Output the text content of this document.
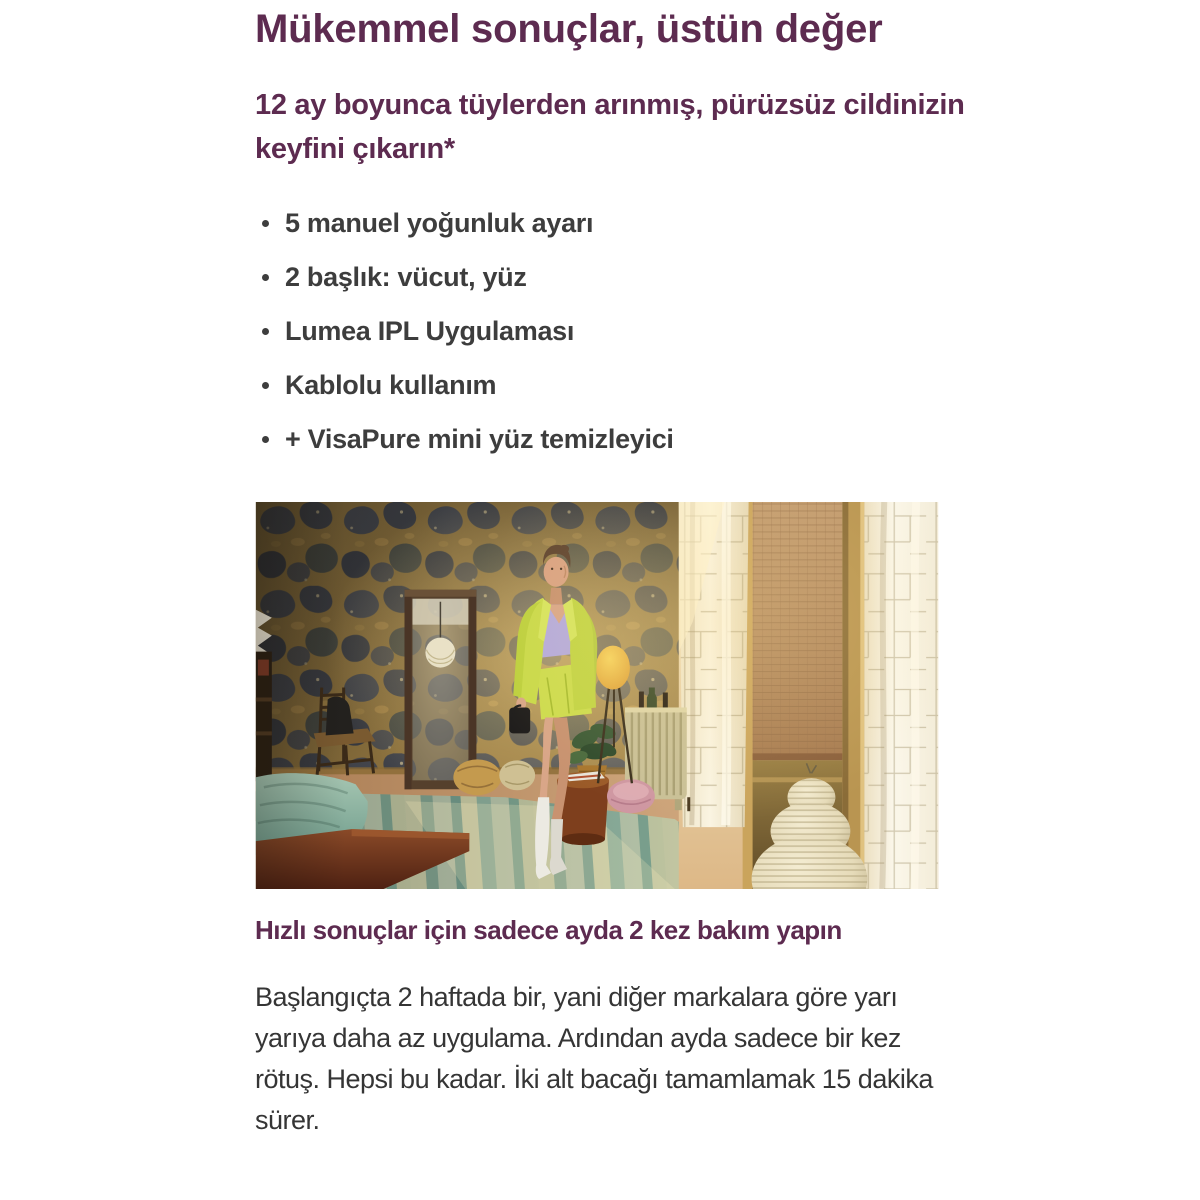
Mükemmel sonuçlar, üstün değer
12 ay boyunca tüylerden arınmış, pürüzsüz cildinizin keyfini çıkarın*
5 manuel yoğunluk ayarı
2 başlık: vücut, yüz
Lumea IPL Uygulaması
Kablolu kullanım
+ VisaPure mini yüz temizleyici
Hızlı sonuçlar için sadece ayda 2 kez bakım yapın

Başlangıçta 2 haftada bir, yani diğer markalara göre yarı yarıya daha az uygulama. Ardından ayda sadece bir kez rötuş. Hepsi bu kadar. İki alt bacağı tamamlamak 15 dakika sürer.
